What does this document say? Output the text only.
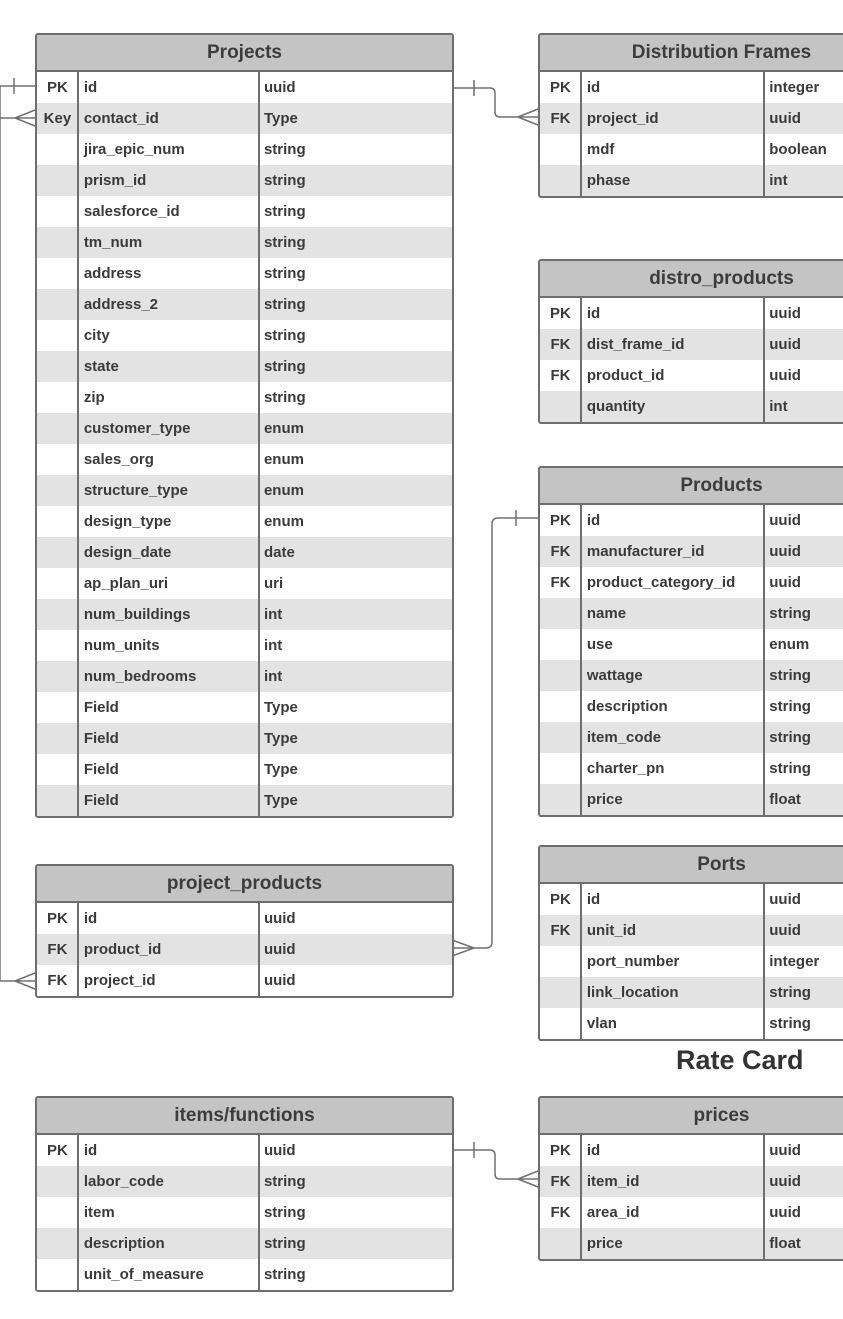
Projects
PK	id	uuid
Key contact_id	Type
jira_epic_num	string
prism_id	string
salesforce_id	string
tm_num	string
address	string
address_2	string
city	string
state	string
zip	string
customer_type	enum
sales_org	enum
structure_type	enum
design_type	enum
design_date	date
ap_plan_uri	uri
num_buildings	int
num_units	int
num_bedrooms	int
Field	Type
Field	Type
Field	Type
Field	Type
Distribution Frames
PK	id	integer
FK	project_id	uuid
mdf	boolean
phase	int
distro_products
PK	id	uuid
FK	dist_frame_id	uuid
FK	product_id	uuid
quantity	int
Products
PK	id	uuid
FK	manufacturer_id	uuid
FK	product_category_id	uuid
name	string
use	enum
wattage	string
description	string
item_code	string
charter_pn	string
price	float
project_products
PK	id	uuid
FK	product_id	uuid
FK	project_id	uuid
Ports
PK	id	uuid
FK	unit_id	uuid
port_number	integer
link_location	string
vlan	string
Rate Card
items/functions
PK	id	uuid
labor_code	string
item	string
description	string
unit_of_measure	string
prices
PK	id	uuid
FK	item_id	uuid
FK	area_id	uuid
price	float
